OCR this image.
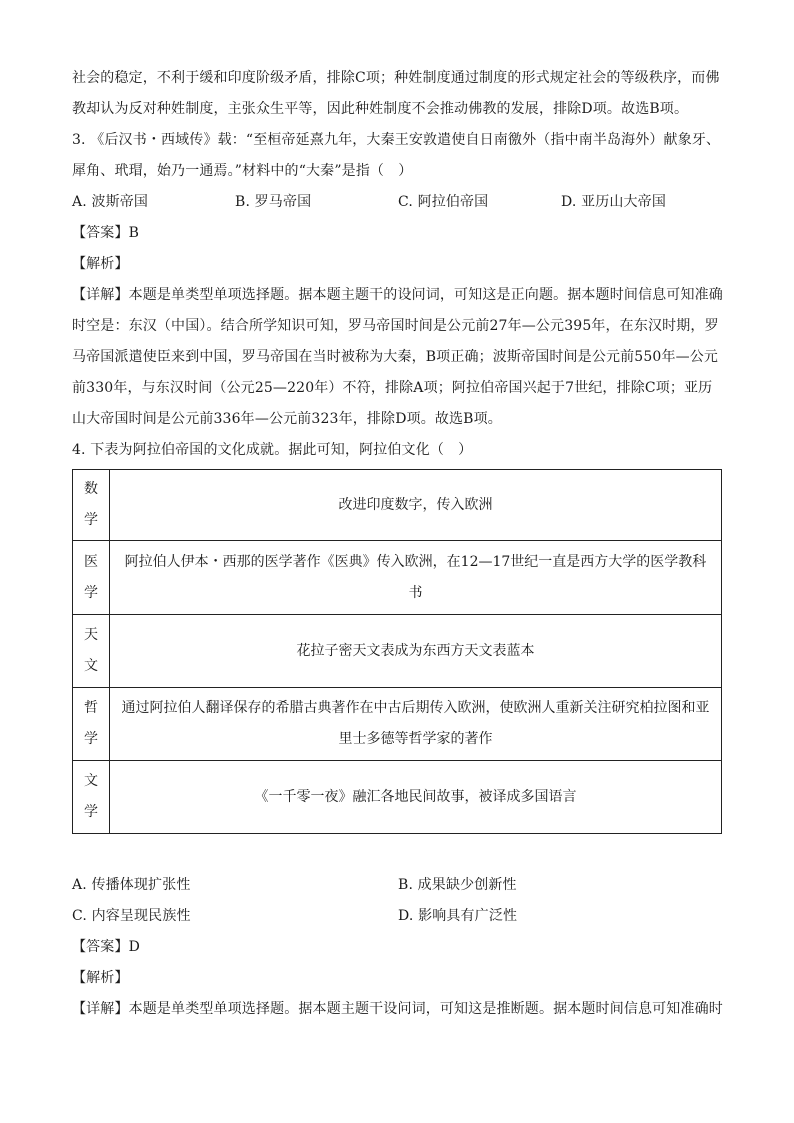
社会的稳定，不利于缓和印度阶级矛盾，排除C项；种姓制度通过制度的形式规定社会的等级秩序，而佛
教却认为反对种姓制度，主张众生平等，因此种姓制度不会推动佛教的发展，排除D项。故选B项。
3. 《后汉书・西域传》载：“至桓帝延熹九年，大秦王安敦遣使自日南徼外（指中南半岛海外）献象牙、
犀角、玳瑁，始乃一通焉。”材料中的“大秦”是指（　）
A. 波斯帝国	B. 罗马帝国	C. 阿拉伯帝国	D. 亚历山大帝国
【答案】B
【解析】
【详解】本题是单类型单项选择题。据本题主题干的设问词，可知这是正向题。据本题时间信息可知准确
时空是：东汉（中国）。结合所学知识可知，罗马帝国时间是公元前27年—公元395年，在东汉时期，罗
马帝国派遣使臣来到中国，罗马帝国在当时被称为大秦，B项正确；波斯帝国时间是公元前550年—公元
前330年，与东汉时间（公元25—220年）不符，排除A项；阿拉伯帝国兴起于7世纪，排除C项；亚历
山大帝国时间是公元前336年—公元前323年，排除D项。故选B项。
4. 下表为阿拉伯帝国的文化成就。据此可知，阿拉伯文化（　）
数
学	改进印度数字，传入欧洲
医
学	阿拉伯人伊本・西那的医学著作《医典》传入欧洲，在12—17世纪一直是西方大学的医学教科书
天
文	花拉子密天文表成为东西方天文表蓝本
哲
学	通过阿拉伯人翻译保存的希腊古典著作在中古后期传入欧洲，使欧洲人重新关注研究柏拉图和亚里士多德等哲学家的著作
文
学	《一千零一夜》融汇各地民间故事，被译成多国语言
A. 传播体现扩张性	B. 成果缺少创新性
C. 内容呈现民族性	D. 影响具有广泛性
【答案】D
【解析】
【详解】本题是单类型单项选择题。据本题主题干设问词，可知这是推断题。据本题时间信息可知准确时
